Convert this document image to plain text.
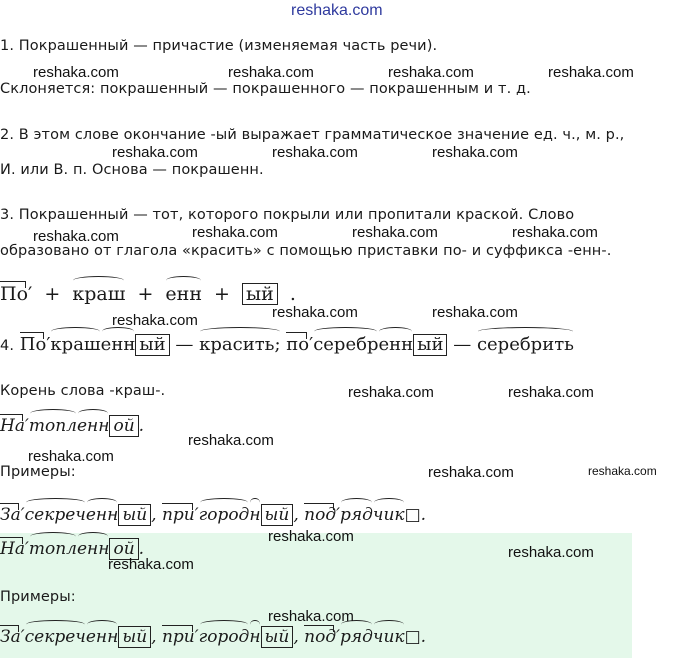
reshaka.com
1. Покрашенный — причастие (изменяемая часть речи).
Склоняется: покрашенный — покрашенного — покрашенным и т. д.
2. В этом слове окончание -ый выражает грамматическое значение ед. ч., м. р.,
И. или В. п. Основа — покрашенн.
3. Покрашенный — тот, которого покрыли или пропитали краской. Слово
образовано от глагола «красить» с помощью приставки по- и суффикса -енн-.
По′ + краш + енн + ый .
4. По′крашенн ый — красить; по′серебренн ый — серебрить
Корень слова -краш-.
На′топленн ой .
Примеры:
За′секреченн ый , при′городн ый , под′рядчик□.
На′топленн ой .
Примеры:
За′секреченн ый , при′городн ый , под′рядчик□.
reshaka.com	reshaka.com	reshaka.com	reshaka.com
reshaka.com	reshaka.com	reshaka.com
reshaka.com	reshaka.com	reshaka.com	reshaka.com
reshaka.com	reshaka.com	reshaka.com
reshaka.com	reshaka.com
reshaka.com
reshaka.com
reshaka.com	reshaka.com
reshaka.com
reshaka.com
reshaka.com
reshaka.com
